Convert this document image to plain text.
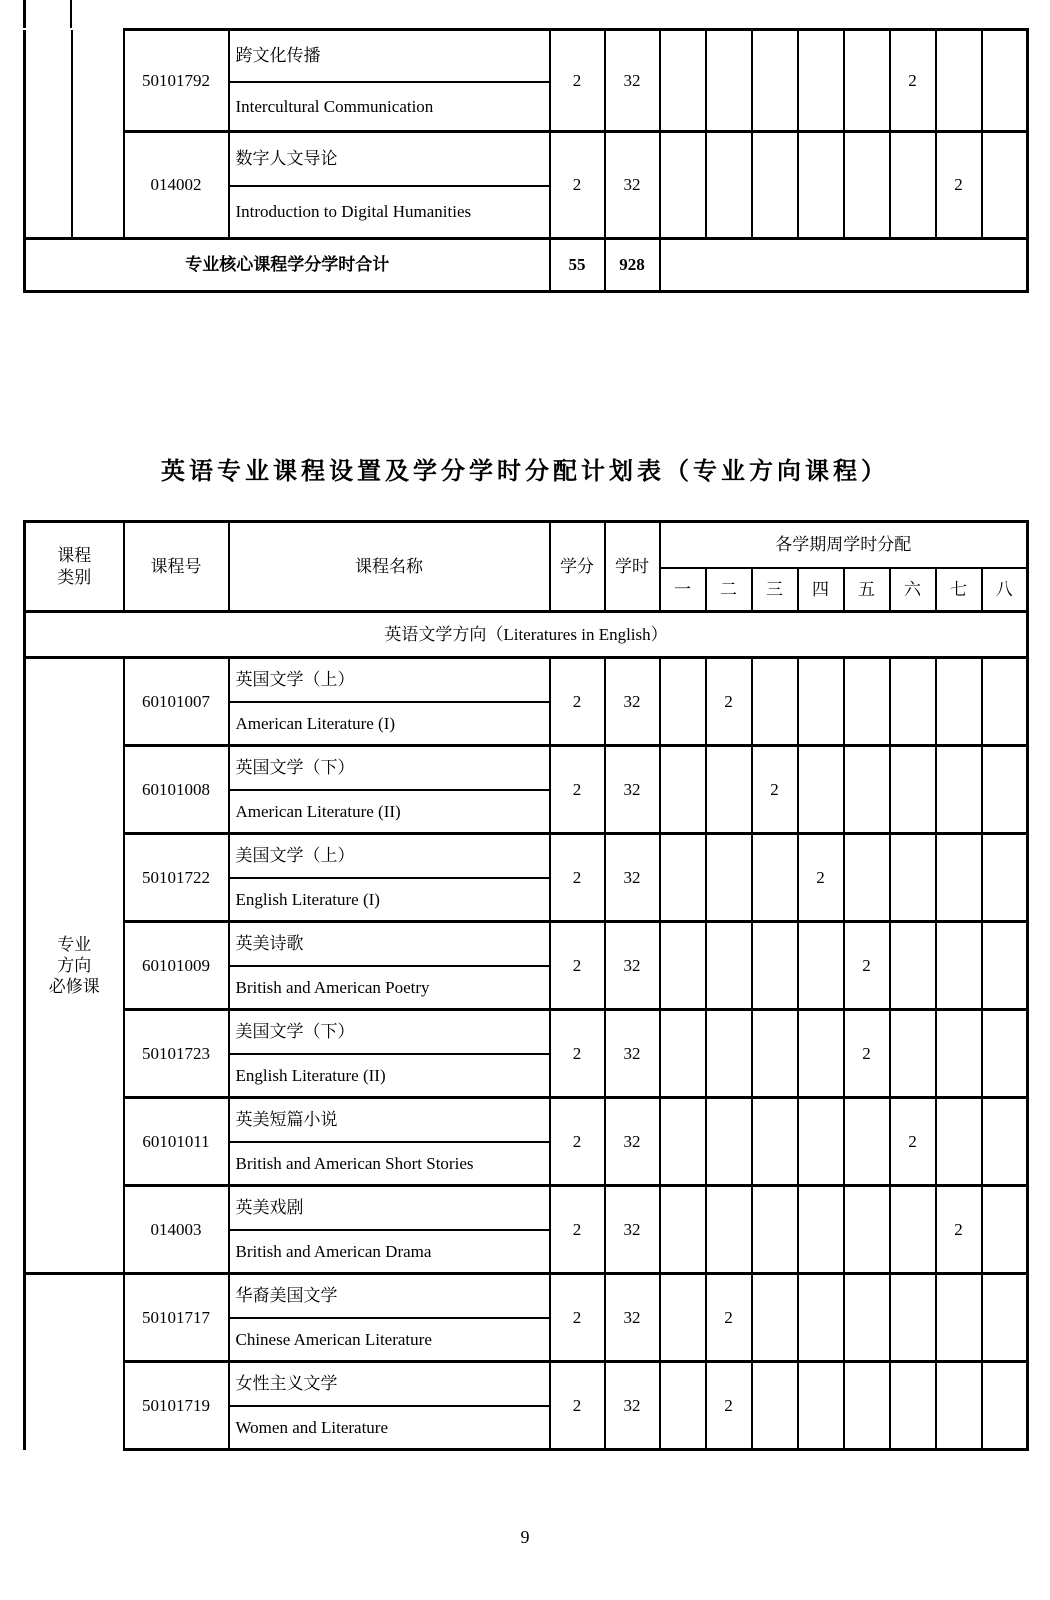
		50101792	跨文化传播	2	32						2		
			Intercultural Communication										
		014002	数字人文导论	2	32							2	
			Introduction to Digital Humanities										
专业核心课程学分学时合计				55	928								
英语专业课程设置及学分学时分配计划表（专业方向课程）
课程
类别	课程号	课程名称	学分	学时	各学期周学时分配							
					一	二	三	四	五	六	七	八
英语文学方向（Literatures in English）												

专业
方向
必修课	60101007	英国文学（上）	2	32		2						
		American Literature (I)										
	60101008	英国文学（下）	2	32			2					
		American Literature (II)										
	50101722	美国文学（上）	2	32				2				
		English Literature (I)										
	60101009	英美诗歌	2	32					2			
		British and American Poetry										
	50101723	美国文学（下）	2	32					2			
		English Literature (II)										
	60101011	英美短篇小说	2	32						2		
		British and American Short Stories										
	014003	英美戏剧	2	32							2	
		British and American Drama										
	50101717	华裔美国文学	2	32		2						
		Chinese American Literature										
	50101719	女性主义文学	2	32		2						
		Women and Literature										
9
